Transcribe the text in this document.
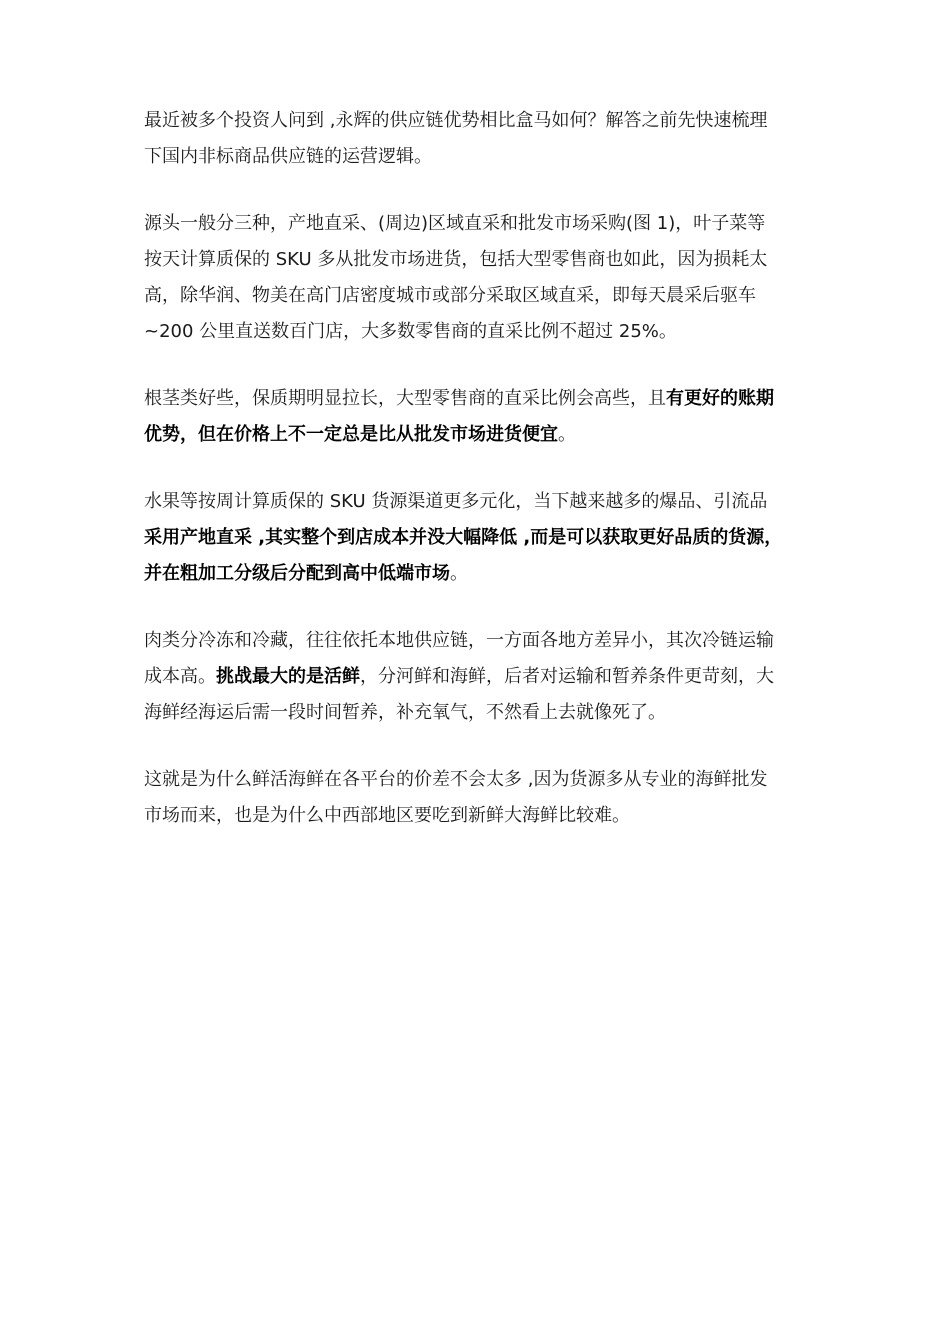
最近被多个投资人问到 ,永辉的供应链优势相比盒马如何？解答之前先快速梳理
下国内非标商品供应链的运营逻辑。
源头一般分三种，产地直采、(周边)区域直采和批发市场采购(图 1)，叶子菜等
按天计算质保的 SKU 多从批发市场进货，包括大型零售商也如此，因为损耗太
高，除华润、物美在高门店密度城市或部分采取区域直采，即每天晨采后驱车
~200 公里直送数百门店，大多数零售商的直采比例不超过 25%。
根茎类好些，保质期明显拉长，大型零售商的直采比例会高些，且有更好的账期
优势，但在价格上不一定总是比从批发市场进货便宜。
水果等按周计算质保的 SKU 货源渠道更多元化，当下越来越多的爆品、引流品
采用产地直采 ,其实整个到店成本并没大幅降低 ,而是可以获取更好品质的货源，
并在粗加工分级后分配到高中低端市场。
肉类分冷冻和冷藏，往往依托本地供应链，一方面各地方差异小，其次冷链运输
成本高。挑战最大的是活鲜，分河鲜和海鲜，后者对运输和暂养条件更苛刻，大
海鲜经海运后需一段时间暂养，补充氧气，不然看上去就像死了。
这就是为什么鲜活海鲜在各平台的价差不会太多 ,因为货源多从专业的海鲜批发
市场而来，也是为什么中西部地区要吃到新鲜大海鲜比较难。
